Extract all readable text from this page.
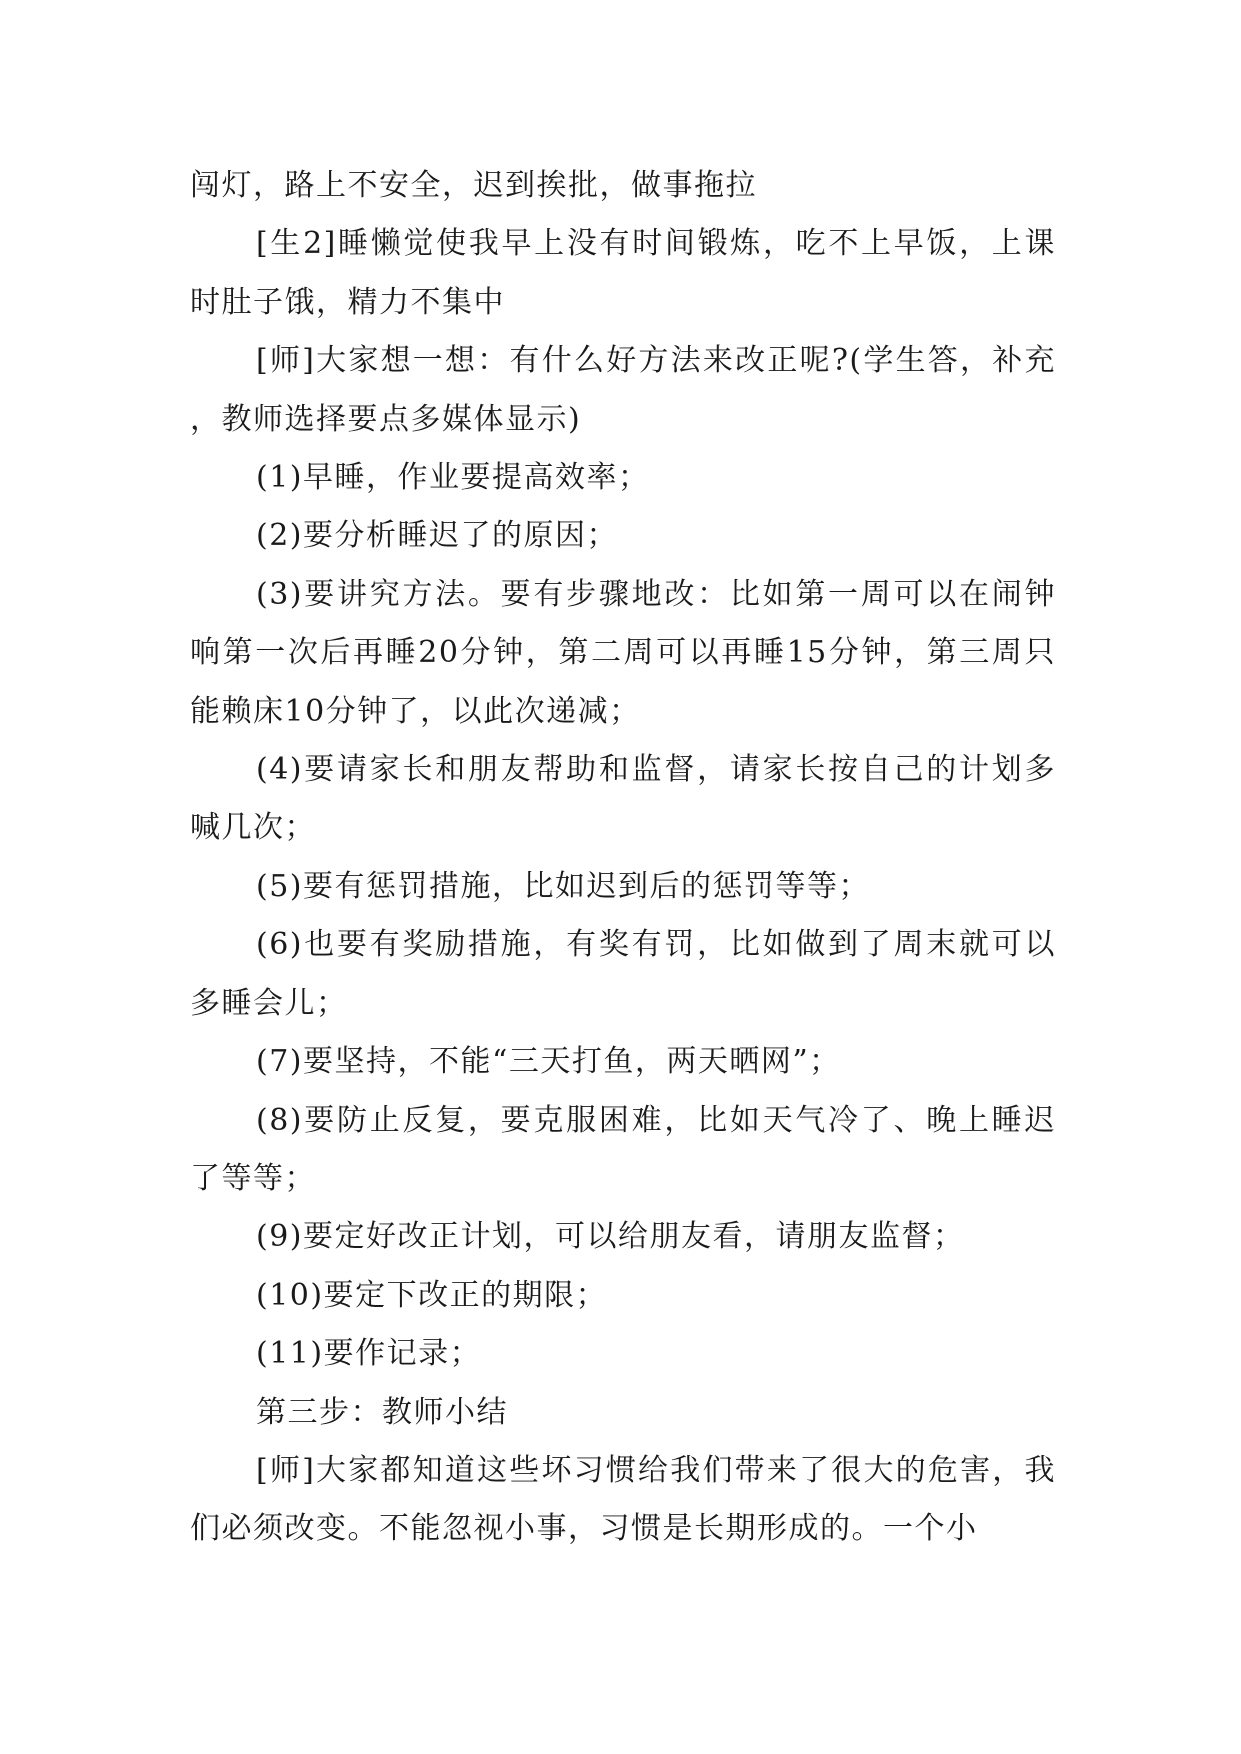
闯灯，路上不安全，迟到挨批，做事拖拉

[生2]睡懒觉使我早上没有时间锻炼，吃不上早饭，上课时肚子饿，精力不集中

[师]大家想一想：有什么好方法来改正呢?(学生答，补充，教师选择要点多媒体显示)

(1)早睡，作业要提高效率；

(2)要分析睡迟了的原因；

(3)要讲究方法。要有步骤地改：比如第一周可以在闹钟响第一次后再睡20分钟，第二周可以再睡15分钟，第三周只能赖床10分钟了，以此次递减；

(4)要请家长和朋友帮助和监督，请家长按自己的计划多喊几次；

(5)要有惩罚措施，比如迟到后的惩罚等等；

(6)也要有奖励措施，有奖有罚，比如做到了周末就可以多睡会儿；

(7)要坚持，不能“三天打鱼，两天晒网”；

(8)要防止反复，要克服困难，比如天气冷了、晚上睡迟了等等；

(9)要定好改正计划，可以给朋友看，请朋友监督；

(10)要定下改正的期限；

(11)要作记录；

第三步：教师小结

[师]大家都知道这些坏习惯给我们带来了很大的危害，我们必须改变。不能忽视小事，习惯是长期形成的。一个小
